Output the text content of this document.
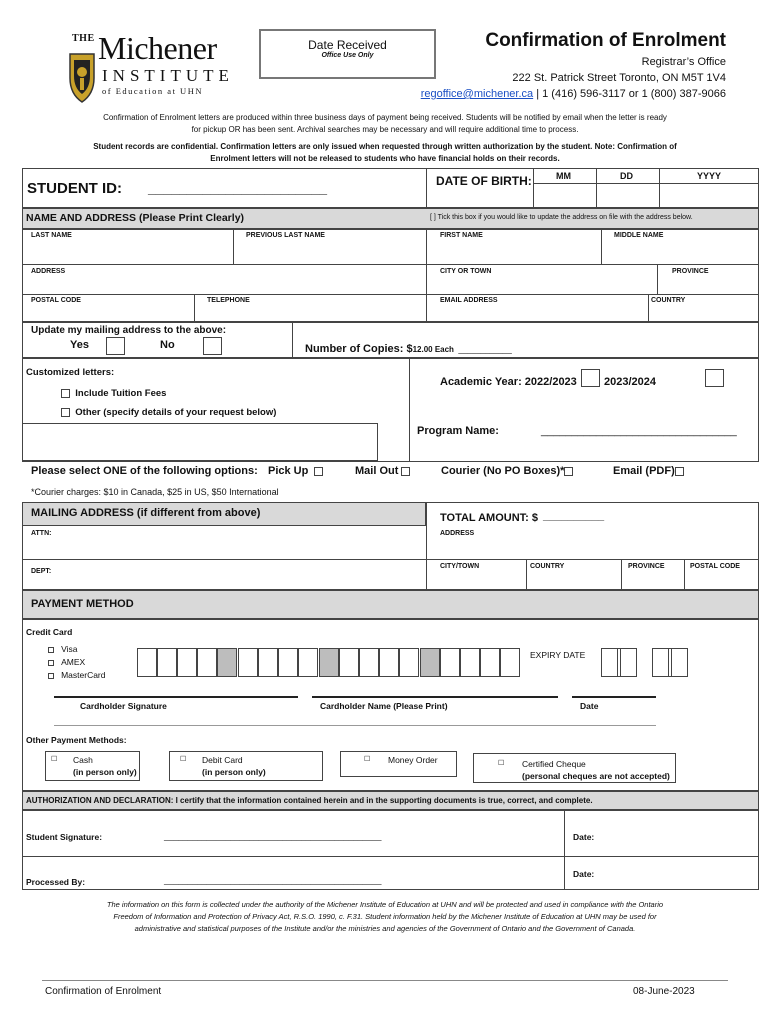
THE Michener
INSTITUTE
of Education at UHN
Date Received
Office Use Only
Confirmation of Enrolment
Registrar’s Office
222 St. Patrick Street Toronto, ON M5T 1V4
regoffice@michener.ca | 1 (416) 596-3117 or 1 (800) 387-9066
Confirmation of Enrolment letters are produced within three business days of payment being received. Students will be notified by email when the letter is ready
for pickup OR has been sent. Archival searches may be necessary and will require additional time to process.
Student records are confidential. Confirmation letters are only issued when requested through written authorization by the student. Note: Confirmation of
Enrolment letters will not be released to students who have financial holds on their records.
STUDENT ID: _______________________	DATE OF BIRTH:	MM	DD	YYYY
NAME AND ADDRESS (Please Print Clearly)	[ ] Tick this box if you would like to update the address on file with the address below.
LAST NAME	PREVIOUS LAST NAME	FIRST NAME	MIDDLE NAME
ADDRESS	CITY OR TOWN	PROVINCE
POSTAL CODE	TELEPHONE	EMAIL ADDRESS	COUNTRY
Update my mailing address to the above:
Yes	No	Number of Copies: $12.00 Each ____________
Customized letters:
Include Tuition Fees
Other (specify details of your request below)
Academic Year: 2022/2023 2023/2024
Program Name:	________________________________
Please select ONE of the following options: Pick Up	Mail Out	Courier (No PO Boxes)*	Email (PDF)
*Courier charges: $10 in Canada, $25 in US, $50 International
MAILING ADDRESS (if different from above)	TOTAL AMOUNT: $ __________
ATTN:	ADDRESS
DEPT:
CITY/TOWN	COUNTRY	PROVINCE	POSTAL CODE
PAYMENT METHOD
Credit Card
Visa
AMEX
MasterCard
EXPIRY DATE
Cardholder Signature	Cardholder Name (Please Print)	Date
Other Payment Methods:
☐ Cash
(in person only)
☐ Debit Card
(in person only)
☐ Money Order	☐ Certified Cheque
(personal cheques are not accepted)
AUTHORIZATION AND DECLARATION: I certify that the information contained herein and in the supporting documents is true, correct, and complete.
Student Signature:	______________________________________________	Date:
Processed By:	______________________________________________
Date:
The information on this form is collected under the authority of the Michener Institute of Education at UHN and will be protected and used in compliance with the Ontario
Freedom of Information and Protection of Privacy Act, R.S.O. 1990, c. F.31. Student information held by the Michener Institute of Education at UHN may be used for
administrative and statistical purposes of the Institute and/or the ministries and agencies of the Government of Ontario and the Government of Canada.
Confirmation of Enrolment	08-June-2023
